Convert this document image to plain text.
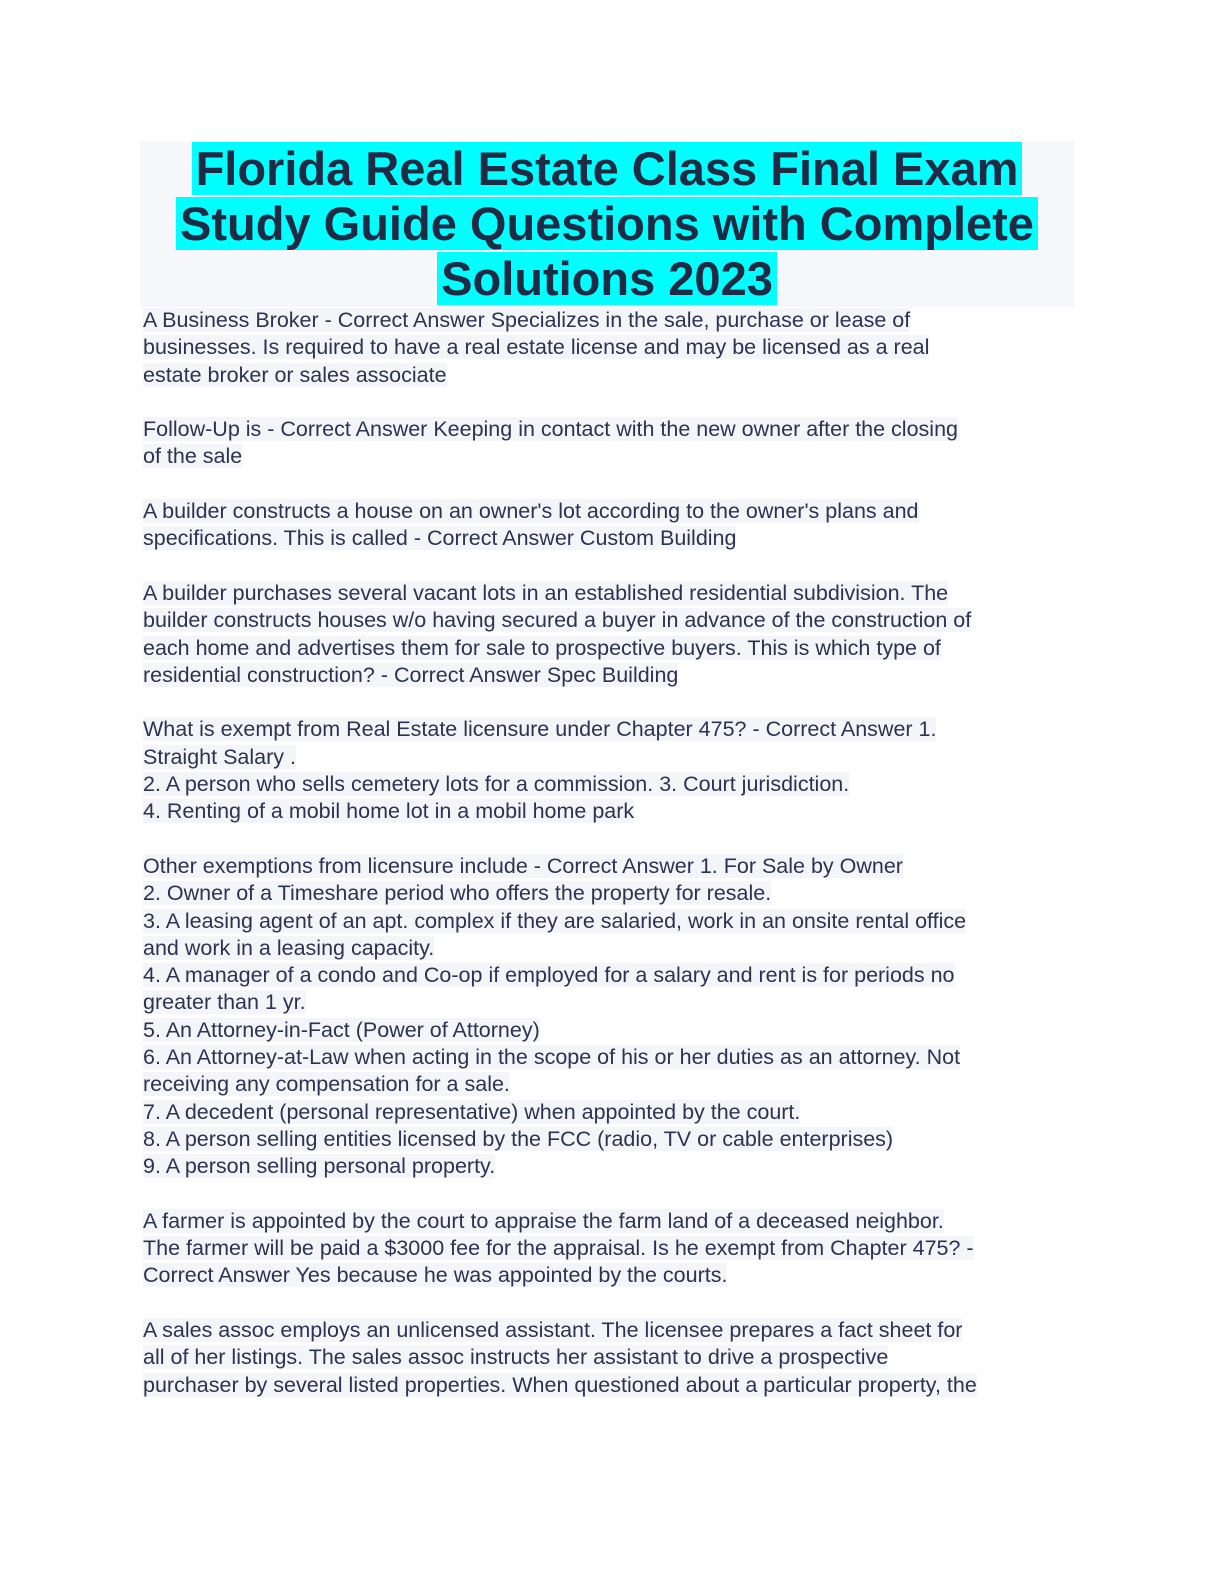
Florida Real Estate Class Final Exam
Study Guide Questions with Complete
Solutions 2023
A Business Broker - Correct Answer Specializes in the sale, purchase or lease of
businesses. Is required to have a real estate license and may be licensed as a real
estate broker or sales associate
Follow-Up is - Correct Answer Keeping in contact with the new owner after the closing
of the sale
A builder constructs a house on an owner's lot according to the owner's plans and
specifications. This is called - Correct Answer Custom Building
A builder purchases several vacant lots in an established residential subdivision. The
builder constructs houses w/o having secured a buyer in advance of the construction of
each home and advertises them for sale to prospective buyers. This is which type of
residential construction? - Correct Answer Spec Building
What is exempt from Real Estate licensure under Chapter 475? - Correct Answer 1.
Straight Salary .
2. A person who sells cemetery lots for a commission. 3. Court jurisdiction.
4. Renting of a mobil home lot in a mobil home park
Other exemptions from licensure include - Correct Answer 1. For Sale by Owner
2. Owner of a Timeshare period who offers the property for resale.
3. A leasing agent of an apt. complex if they are salaried, work in an onsite rental office
and work in a leasing capacity.
4. A manager of a condo and Co-op if employed for a salary and rent is for periods no
greater than 1 yr.
5. An Attorney-in-Fact (Power of Attorney)
6. An Attorney-at-Law when acting in the scope of his or her duties as an attorney. Not
receiving any compensation for a sale.
7. A decedent (personal representative) when appointed by the court.
8. A person selling entities licensed by the FCC (radio, TV or cable enterprises)
9. A person selling personal property.
A farmer is appointed by the court to appraise the farm land of a deceased neighbor.
The farmer will be paid a $3000 fee for the appraisal. Is he exempt from Chapter 475? -
Correct Answer Yes because he was appointed by the courts.
A sales assoc employs an unlicensed assistant. The licensee prepares a fact sheet for
all of her listings. The sales assoc instructs her assistant to drive a prospective
purchaser by several listed properties. When questioned about a particular property, the
